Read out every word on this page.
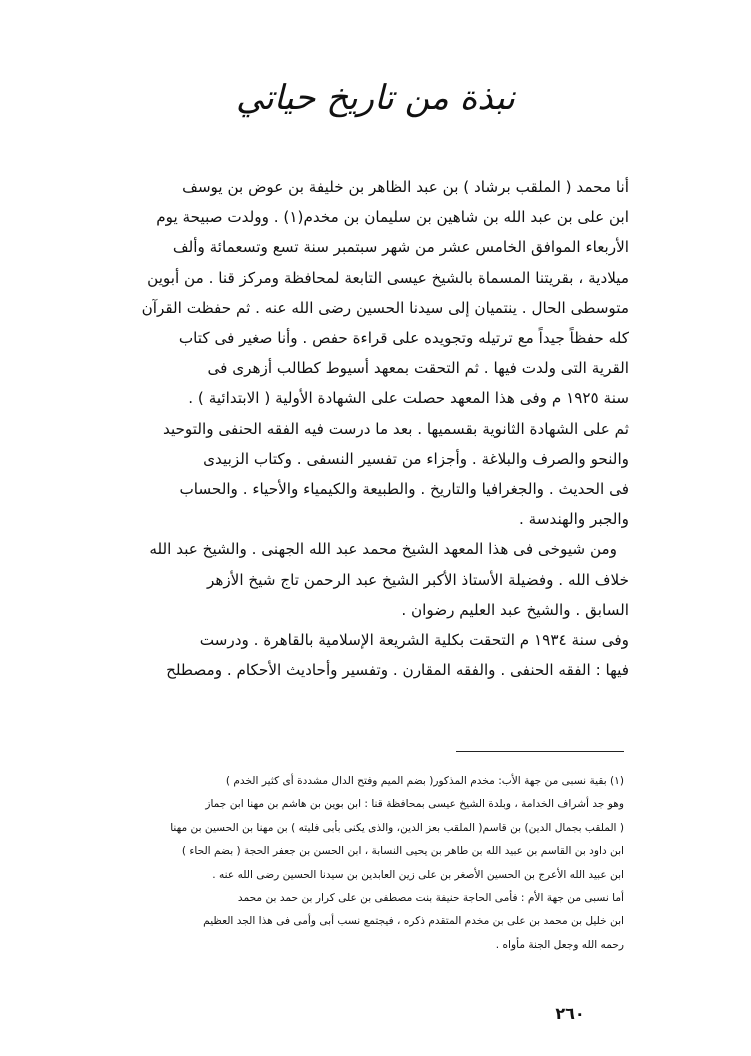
نبذة من تاريخ حياتي
أنا محمد ( الملقب برشاد ) بن عبد الظاهر بن خليفة بن عوض بن يوسف
ابن على بن عبد الله بن شاهين بن سليمان بن مخدم(١) . وولدت صبيحة يوم
الأربعاء الموافق الخامس عشر من شهر سبتمبر سنة تسع وتسعمائة وألف
ميلادية ، بقريتنا المسماة بالشيخ عيسى التابعة لمحافظة ومركز قنا . من أبوين
متوسطى الحال . ينتميان إلى سيدنا الحسين رضى الله عنه . ثم حفظت القرآن
كله حفظاً جيداً مع ترتيله وتجويده على قراءة حفص . وأنا صغير فى كتاب
القرية التى ولدت فيها . ثم التحقت بمعهد أسيوط كطالب أزهرى فى
سنة ١٩٢٥ م وفى هذا المعهد حصلت على الشهادة الأولية ( الابتدائية ) .
ثم على الشهادة الثانوية بقسميها . بعد ما درست فيه الفقه الحنفى والتوحيد
والنحو والصرف والبلاغة . وأجزاء من تفسير النسفى . وكتاب الزبيدى
فى الحديث . والجغرافيا والتاريخ . والطبيعة والكيمياء والأحياء . والحساب
والجبر والهندسة .
ومن شيوخى فى هذا المعهد الشيخ محمد عبد الله الجهنى . والشيخ عبد الله
خلاف الله . وفضيلة الأستاذ الأكبر الشيخ عبد الرحمن تاج شيخ الأزهر
السابق . والشيخ عبد العليم رضوان .
وفى سنة ١٩٣٤ م التحقت بكلية الشريعة الإسلامية بالقاهرة . ودرست
فيها : الفقه الحنفى . والفقه المقارن . وتفسير وأحاديث الأحكام . ومصطلح
(١) بقية نسبى من جهة الأب: مخدم المذكور( بضم الميم وفتح الدال مشددة أى كثير الخدم )
وهو جد أشراف الخدامة ، وبلدة الشيخ عيسى بمحافظة قنا : ابن بوين بن هاشم بن مهنا ابن جماز
( الملقب بجمال الدين) بن قاسم( الملقب بعز الدين، والذى يكنى بأبى فليته ) بن مهنا بن الحسين بن مهنا
ابن داود بن القاسم بن عبيد الله بن طاهر بن يحيى النسابة ، ابن الحسن بن جعفر الحجة ( بضم الحاء )
ابن عبيد الله الأعرج بن الحسين الأصغر بن على زين العابدين بن سيدنا الحسين رضى الله عنه .
أما نسبى من جهة الأم : فأمى الحاجة حنيفة بنت مصطفى بن على كرار بن حمد بن محمد
ابن خليل بن محمد بن على بن مخدم المتقدم ذكره ، فيجتمع نسب أبى وأمى فى هذا الجد العظيم
رحمه الله وجعل الجنة مأواه .
٢٦٠
